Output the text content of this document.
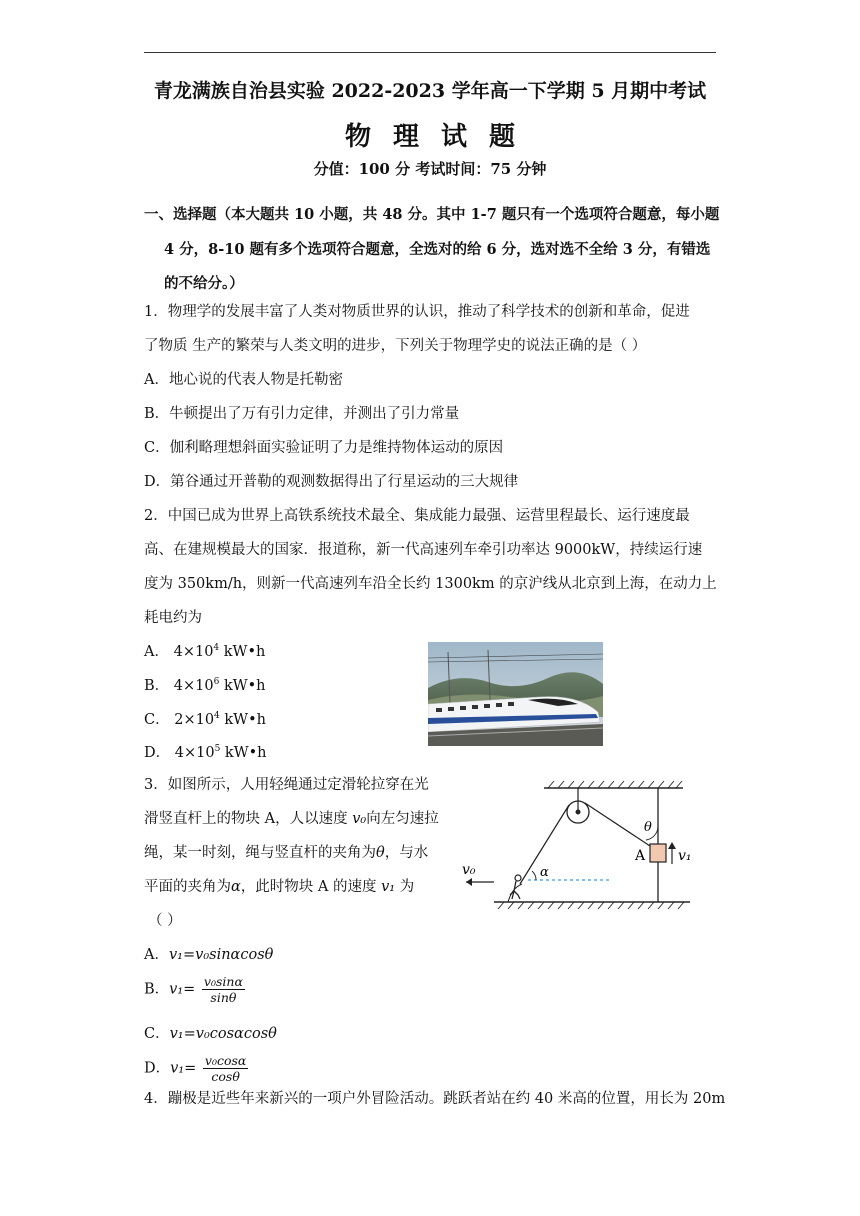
青龙满族自治县实验 2022-2023 学年高一下学期 5 月期中考试
物理试题
分值：100 分 考试时间：75 分钟
一、选择题（本大题共 10 小题，共 48 分。其中 1-7 题只有一个选项符合题意，每小题
4 分，8-10 题有多个选项符合题意，全选对的给 6 分，选对选不全给 3 分，有错选
的不给分。）
1．物理学的发展丰富了人类对物质世界的认识，推动了科学技术的创新和革命，促进
了物质 生产的繁荣与人类文明的进步，下列关于物理学史的说法正确的是（ ）
A．地心说的代表人物是托勒密
B．牛顿提出了万有引力定律，并测出了引力常量
C．伽利略理想斜面实验证明了力是维持物体运动的原因
D．第谷通过开普勒的观测数据得出了行星运动的三大规律
2．中国已成为世界上高铁系统技术最全、集成能力最强、运营里程最长、运行速度最
高、在建规模最大的国家．报道称，新一代高速列车牵引功率达 9000kW，持续运行速
度为 350km/h，则新一代高速列车沿全长约 1300km 的京沪线从北京到上海，在动力上
耗电约为
A． $4\times 10^4$ kW•h
B． $4\times 10^6$ kW•h
C． $2\times 10^4$ kW•h
D． $4\times 10^5$ kW•h
3．如图所示，人用轻绳通过定滑轮拉穿在光
滑竖直杆上的物块 A，人以速度 v₀向左匀速拉
绳，某一时刻，绳与竖直杆的夹角为θ，与水
平面的夹角为α，此时物块 A 的速度 v₁ 为
（ ）
A．v₁=v₀sinαcosθ
B．$v_1= \frac{\text{v₀sinα}}{\sin\theta}$
C．v₁=v₀cosαcosθ
D．$v_1= \frac{\text{v₀cosα}}{\cos\theta}$
v₀	α
θ
A v₁
4．蹦极是近些年来新兴的一项户外冒险活动。跳跃者站在约 40 米高的位置，用长为 20m
